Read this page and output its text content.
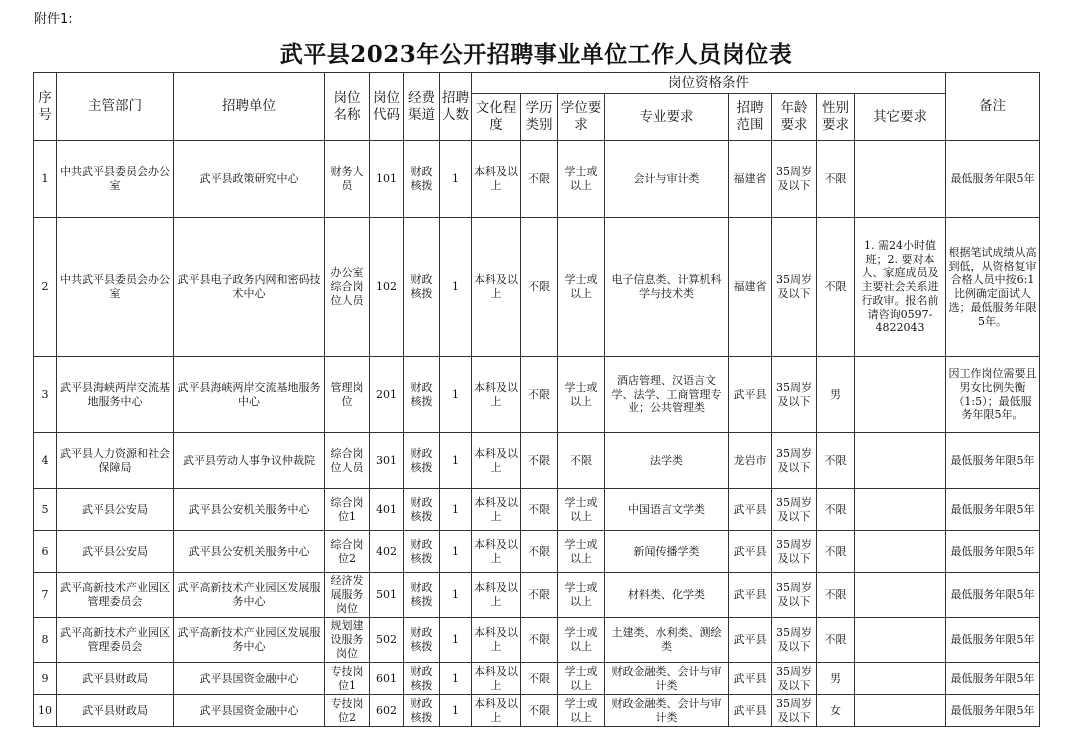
附件1:
武平县2023年公开招聘事业单位工作人员岗位表
序号	主管部门	招聘单位	岗位名称	岗位代码	经费渠道	招聘人数	岗位资格条件								备注
							文化程度	学历类别	学位要求	专业要求	招聘范围	年龄要求	性别要求	其它要求	
1	中共武平县委员会办公室	武平县政策研究中心	财务人员	101	财政核拨	1	本科及以上	不限	学士或以上	会计与审计类	福建省	35周岁及以下	不限		最低服务年限5年
2	中共武平县委员会办公室	武平县电子政务内网和密码技术中心	办公室综合岗位人员	102	财政核拨	1	本科及以上	不限	学士或以上	电子信息类、计算机科学与技术类	福建省	35周岁及以下	不限	1. 需24小时值班；2. 要对本人、家庭成员及主要社会关系进行政审。报名前请咨询0597-4822043	根据笔试成绩从高到低，从资格复审合格人员中按6:1比例确定面试人选；最低服务年限5年。
3	武平县海峡两岸交流基地服务中心	武平县海峡两岸交流基地服务中心	管理岗位	201	财政核拨	1	本科及以上	不限	学士或以上	酒店管理、汉语言文学、法学、工商管理专业；公共管理类	武平县	35周岁及以下	男		因工作岗位需要且男女比例失衡（1:5）；最低服务年限5年。
4	武平县人力资源和社会保障局	武平县劳动人事争议仲裁院	综合岗位人员	301	财政核拨	1	本科及以上	不限	不限	法学类	龙岩市	35周岁及以下	不限		最低服务年限5年
5	武平县公安局	武平县公安机关服务中心	综合岗位1	401	财政核拨	1	本科及以上	不限	学士或以上	中国语言文学类	武平县	35周岁及以下	不限		最低服务年限5年
6	武平县公安局	武平县公安机关服务中心	综合岗位2	402	财政核拨	1	本科及以上	不限	学士或以上	新闻传播学类	武平县	35周岁及以下	不限		最低服务年限5年
7	武平高新技术产业园区管理委员会	武平高新技术产业园区发展服务中心	经济发展服务岗位	501	财政核拨	1	本科及以上	不限	学士或以上	材料类、化学类	武平县	35周岁及以下	不限		最低服务年限5年
8	武平高新技术产业园区管理委员会	武平高新技术产业园区发展服务中心	规划建设服务岗位	502	财政核拨	1	本科及以上	不限	学士或以上	土建类、水利类、测绘类	武平县	35周岁及以下	不限		最低服务年限5年
9	武平县财政局	武平县国资金融中心	专技岗位1	601	财政核拨	1	本科及以上	不限	学士或以上	财政金融类、会计与审计类	武平县	35周岁及以下	男		最低服务年限5年
10	武平县财政局	武平县国资金融中心	专技岗位2	602	财政核拨	1	本科及以上	不限	学士或以上	财政金融类、会计与审计类	武平县	35周岁及以下	女		最低服务年限5年
